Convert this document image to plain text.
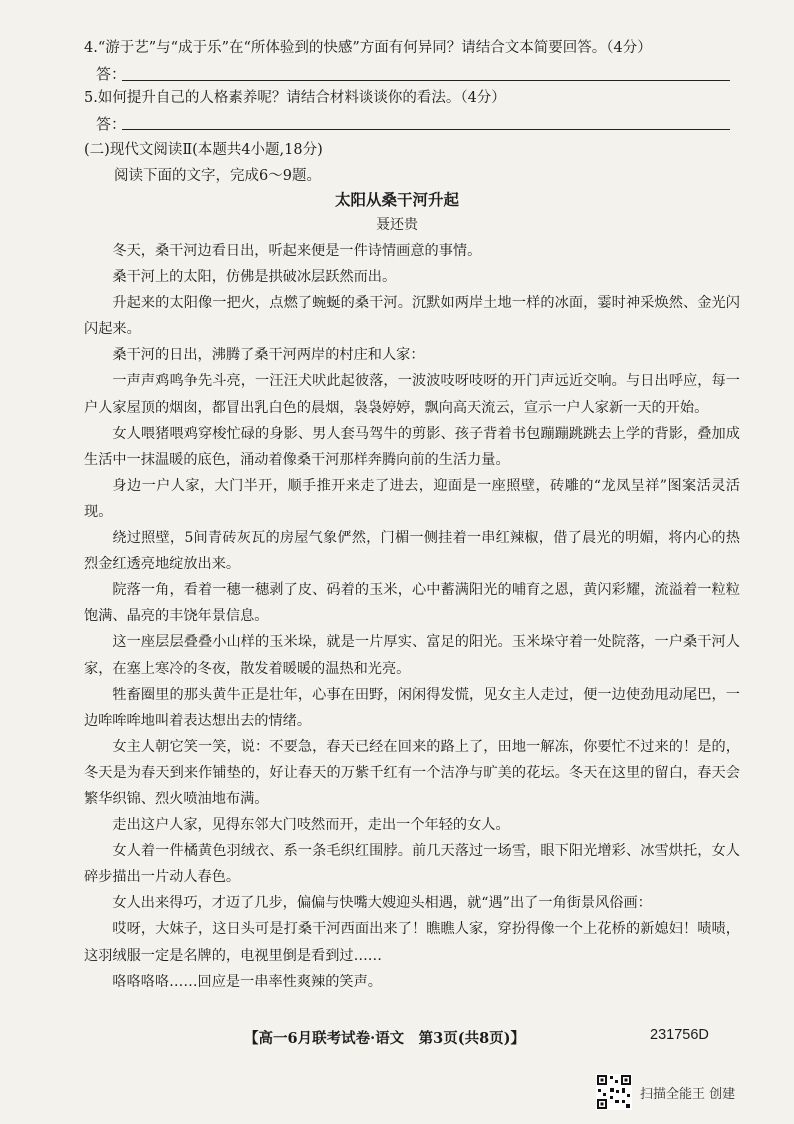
4.“游于艺”与“成于乐”在“所体验到的快感”方面有何异同？请结合文本简要回答。（4分）
答：
5.如何提升自己的人格素养呢？请结合材料谈谈你的看法。（4分）
答：
(二)现代文阅读Ⅱ(本题共4小题,18分)
阅读下面的文字，完成6～9题。
太阳从桑干河升起
聂还贵

冬天，桑干河边看日出，听起来便是一件诗情画意的事情。

桑干河上的太阳，仿佛是拱破冰层跃然而出。

升起来的太阳像一把火，点燃了蜿蜒的桑干河。沉默如两岸土地一样的冰面，霎时神采焕然、金光闪闪起来。

桑干河的日出，沸腾了桑干河两岸的村庄和人家：

一声声鸡鸣争先斗亮，一汪汪犬吠此起彼落，一波波吱呀吱呀的开门声远近交响。与日出呼应，每一户人家屋顶的烟囱，都冒出乳白色的晨烟，袅袅婷婷，飘向高天流云，宣示一户人家新一天的开始。

女人喂猪喂鸡穿梭忙碌的身影、男人套马驾牛的剪影、孩子背着书包蹦蹦跳跳去上学的背影，叠加成生活中一抹温暖的底色，涌动着像桑干河那样奔腾向前的生活力量。

身边一户人家，大门半开，顺手推开来走了进去，迎面是一座照壁，砖雕的“龙凤呈祥”图案活灵活现。

绕过照壁，5间青砖灰瓦的房屋气象俨然，门楣一侧挂着一串红辣椒，借了晨光的明媚，将内心的热烈金红透亮地绽放出来。

院落一角，看着一穗一穗剥了皮、码着的玉米，心中蓄满阳光的哺育之恩，黄闪彩耀，流溢着一粒粒饱满、晶亮的丰饶年景信息。

这一座层层叠叠小山样的玉米垛，就是一片厚实、富足的阳光。玉米垛守着一处院落，一户桑干河人家，在塞上寒冷的冬夜，散发着暖暖的温热和光亮。

牲畜圈里的那头黄牛正是壮年，心事在田野，闲闲得发慌，见女主人走过，便一边使劲甩动尾巴，一边哞哞哞地叫着表达想出去的情绪。

女主人朝它笑一笑，说：不要急，春天已经在回来的路上了，田地一解冻，你要忙不过来的！是的，冬天是为春天到来作铺垫的，好让春天的万紫千红有一个洁净与旷美的花坛。冬天在这里的留白，春天会繁华织锦、烈火喷油地布满。

走出这户人家，见得东邻大门吱然而开，走出一个年轻的女人。

女人着一件橘黄色羽绒衣、系一条毛织红围脖。前几天落过一场雪，眼下阳光增彩、冰雪烘托，女人碎步描出一片动人春色。

女人出来得巧，才迈了几步，偏偏与快嘴大嫂迎头相遇，就“遇”出了一角街景风俗画：

哎呀，大妹子，这日头可是打桑干河西面出来了！瞧瞧人家，穿扮得像一个上花桥的新媳妇！啧啧，这羽绒服一定是名牌的，电视里倒是看到过……

咯咯咯咯……回应是一串率性爽辣的笑声。

【高一6月联考试卷·语文　第3页(共8页)】	231756D
扫描全能王 创建
